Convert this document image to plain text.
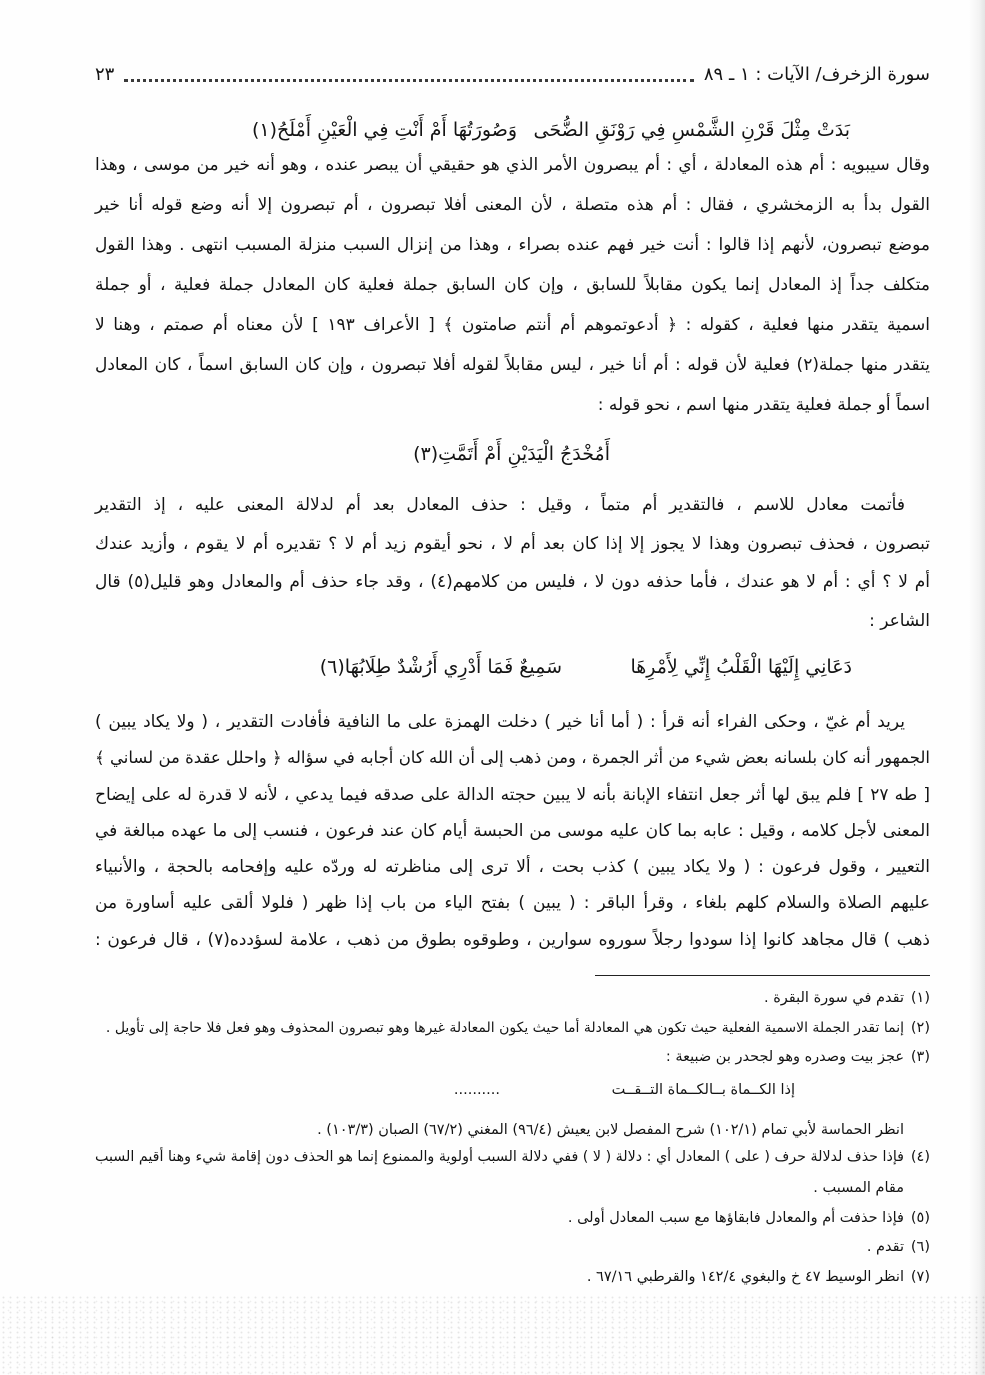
سورة الزخرف/ الآيات : ١ ـ ٨٩
٢٣
بَدَتْ مِثْلَ قَرْنِ الشَّمْسِ فِي رَوْنَقِ الضُّحَى
وَصُورَتُهَا أَمْ أَنْتِ فِي الْعَيْنِ أَمْلَحُ(١)
وقال سيبويه : أم هذه المعادلة ، أي : أم يبصرون الأمر الذي هو حقيقي أن يبصر عنده ، وهو أنه خير من موسى ، وهذا
القول بدأ به الزمخشري ، فقال : أم هذه متصلة ، لأن المعنى أفلا تبصرون ، أم تبصرون إلا أنه وضع قوله أنا خير
موضع تبصرون، لأنهم إذا قالوا : أنت خير فهم عنده بصراء ، وهذا من إنزال السبب منزلة المسبب انتهى . وهذا القول
متكلف جداً إذ المعادل إنما يكون مقابلاً للسابق ، وإن كان السابق جملة فعلية كان المعادل جملة فعلية ، أو جملة
اسمية يتقدر منها فعلية ، كقوله : ﴿ أدعوتموهم أم أنتم صامتون ﴾ [ الأعراف ١٩٣ ] لأن معناه أم صمتم ، وهنا لا
يتقدر منها جملة(٢) فعلية لأن قوله : أم أنا خير ، ليس مقابلاً لقوله أفلا تبصرون ، وإن كان السابق اسماً ، كان المعادل
اسماً أو جملة فعلية يتقدر منها اسم ، نحو قوله :
أَمُخْدَجُ الْيَدَيْنِ أَمْ أَتَمَّتِ(٣)
فأتمت معادل للاسم ، فالتقدير أم متماً ، وقيل : حذف المعادل بعد أم لدلالة المعنى عليه ، إذ التقدير
تبصرون ، فحذف تبصرون وهذا لا يجوز إلا إذا كان بعد أم لا ، نحو أيقوم زيد أم لا ؟ تقديره أم لا يقوم ، وأزيد عندك
أم لا ؟ أي : أم لا هو عندك ، فأما حذفه دون لا ، فليس من كلامهم(٤) ، وقد جاء حذف أم والمعادل وهو قليل(٥) قال
الشاعر :
دَعَانِي إِلَيْهَا الْقَلْبُ إِنِّي لِأَمْرِهَا
سَمِيعٌ فَمَا أَدْرِي أَرُشْدٌ طِلَابُهَا(٦)
يريد أم غيّ ، وحكى الفراء أنه قرأ : ( أما أنا خير ) دخلت الهمزة على ما النافية فأفادت التقدير ، ( ولا يكاد يبين )
الجمهور أنه كان بلسانه بعض شيء من أثر الجمرة ، ومن ذهب إلى أن الله كان أجابه في سؤاله ﴿ واحلل عقدة من لساني ﴾
[ طه ٢٧ ] فلم يبق لها أثر جعل انتفاء الإبانة بأنه لا يبين حجته الدالة على صدقه فيما يدعي ، لأنه لا قدرة له على إيضاح
المعنى لأجل كلامه ، وقيل : عابه بما كان عليه موسى من الحبسة أيام كان عند فرعون ، فنسب إلى ما عهده مبالغة في
التعيير ، وقول فرعون : ( ولا يكاد يبين ) كذب بحت ، ألا ترى إلى مناظرته له وردّه عليه وإفحامه بالحجة ، والأنبياء
عليهم الصلاة والسلام كلهم بلغاء ، وقرأ الباقر : ( يبين ) بفتح الياء من باب إذا ظهر ( فلولا ألقى عليه أساورة من
ذهب ) قال مجاهد كانوا إذا سودوا رجلاً سوروه سوارين ، وطوقوه بطوق من ذهب ، علامة لسؤدده(٧) ، قال فرعون :
(١)
تقدم في سورة البقرة .
(٢)
إنما تقدر الجملة الاسمية الفعلية حيث تكون هي المعادلة أما حيث يكون المعادلة غيرها وهو تبصرون المحذوف وهو فعل فلا حاجة إلى تأويل .
(٣)
عجز بيت وصدره وهو لجحدر بن ضبيعة :
إذا الكــماة بــالكــماة التــقــت
..........
انظر الحماسة لأبي تمام (١٠٢/١) شرح المفصل لابن يعيش (٩٦/٤) المغني (٦٧/٢) الصبان (١٠٣/٣) .
(٤)
فإذا حذف لدلالة حرف ( على ) المعادل أي : دلالة ( لا ) ففي دلالة السبب أولوية والممنوع إنما هو الحذف دون إقامة شيء وهنا أقيم السبب
مقام المسبب .
(٥)
فإذا حذفت أم والمعادل فابقاؤها مع سبب المعادل أولى .
(٦)
تقدم .
(٧)
انظر الوسيط ٤٧ خ والبغوي ١٤٢/٤ والقرطبي ٦٧/١٦ .
